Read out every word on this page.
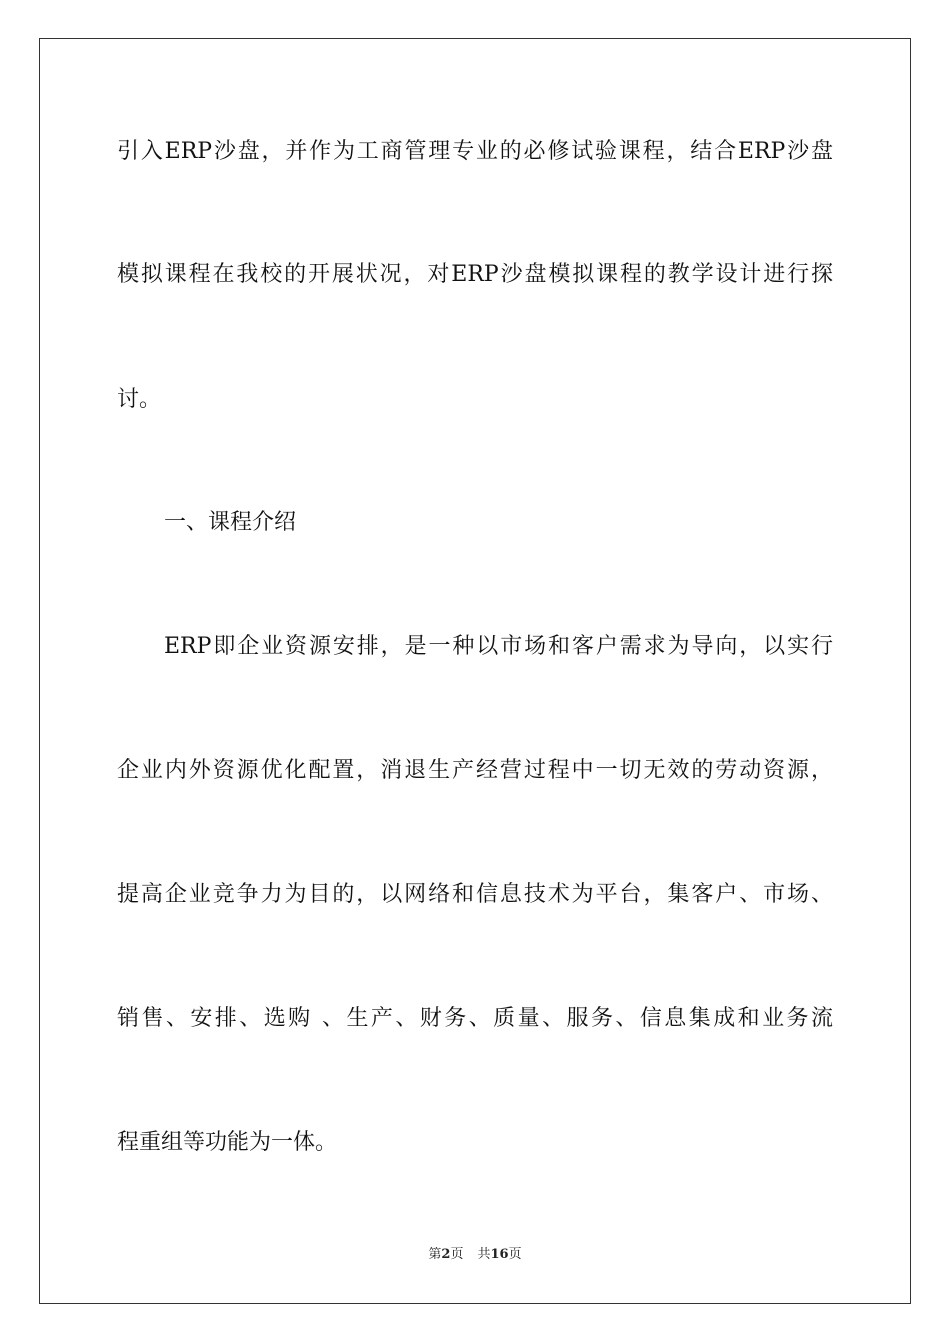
引入ERP沙盘，并作为工商管理专业的必修试验课程，结合ERP沙盘
模拟课程在我校的开展状况，对ERP沙盘模拟课程的教学设计进行探
讨。
一、课程介绍
ERP即企业资源安排，是一种以市场和客户需求为导向，以实行
企业内外资源优化配置，消退生产经营过程中一切无效的劳动资源，
提高企业竞争力为目的，以网络和信息技术为平台，集客户、市场、
销售、安排、选购 、生产、财务、质量、服务、信息集成和业务流
程重组等功能为一体。
第2页 共16页
